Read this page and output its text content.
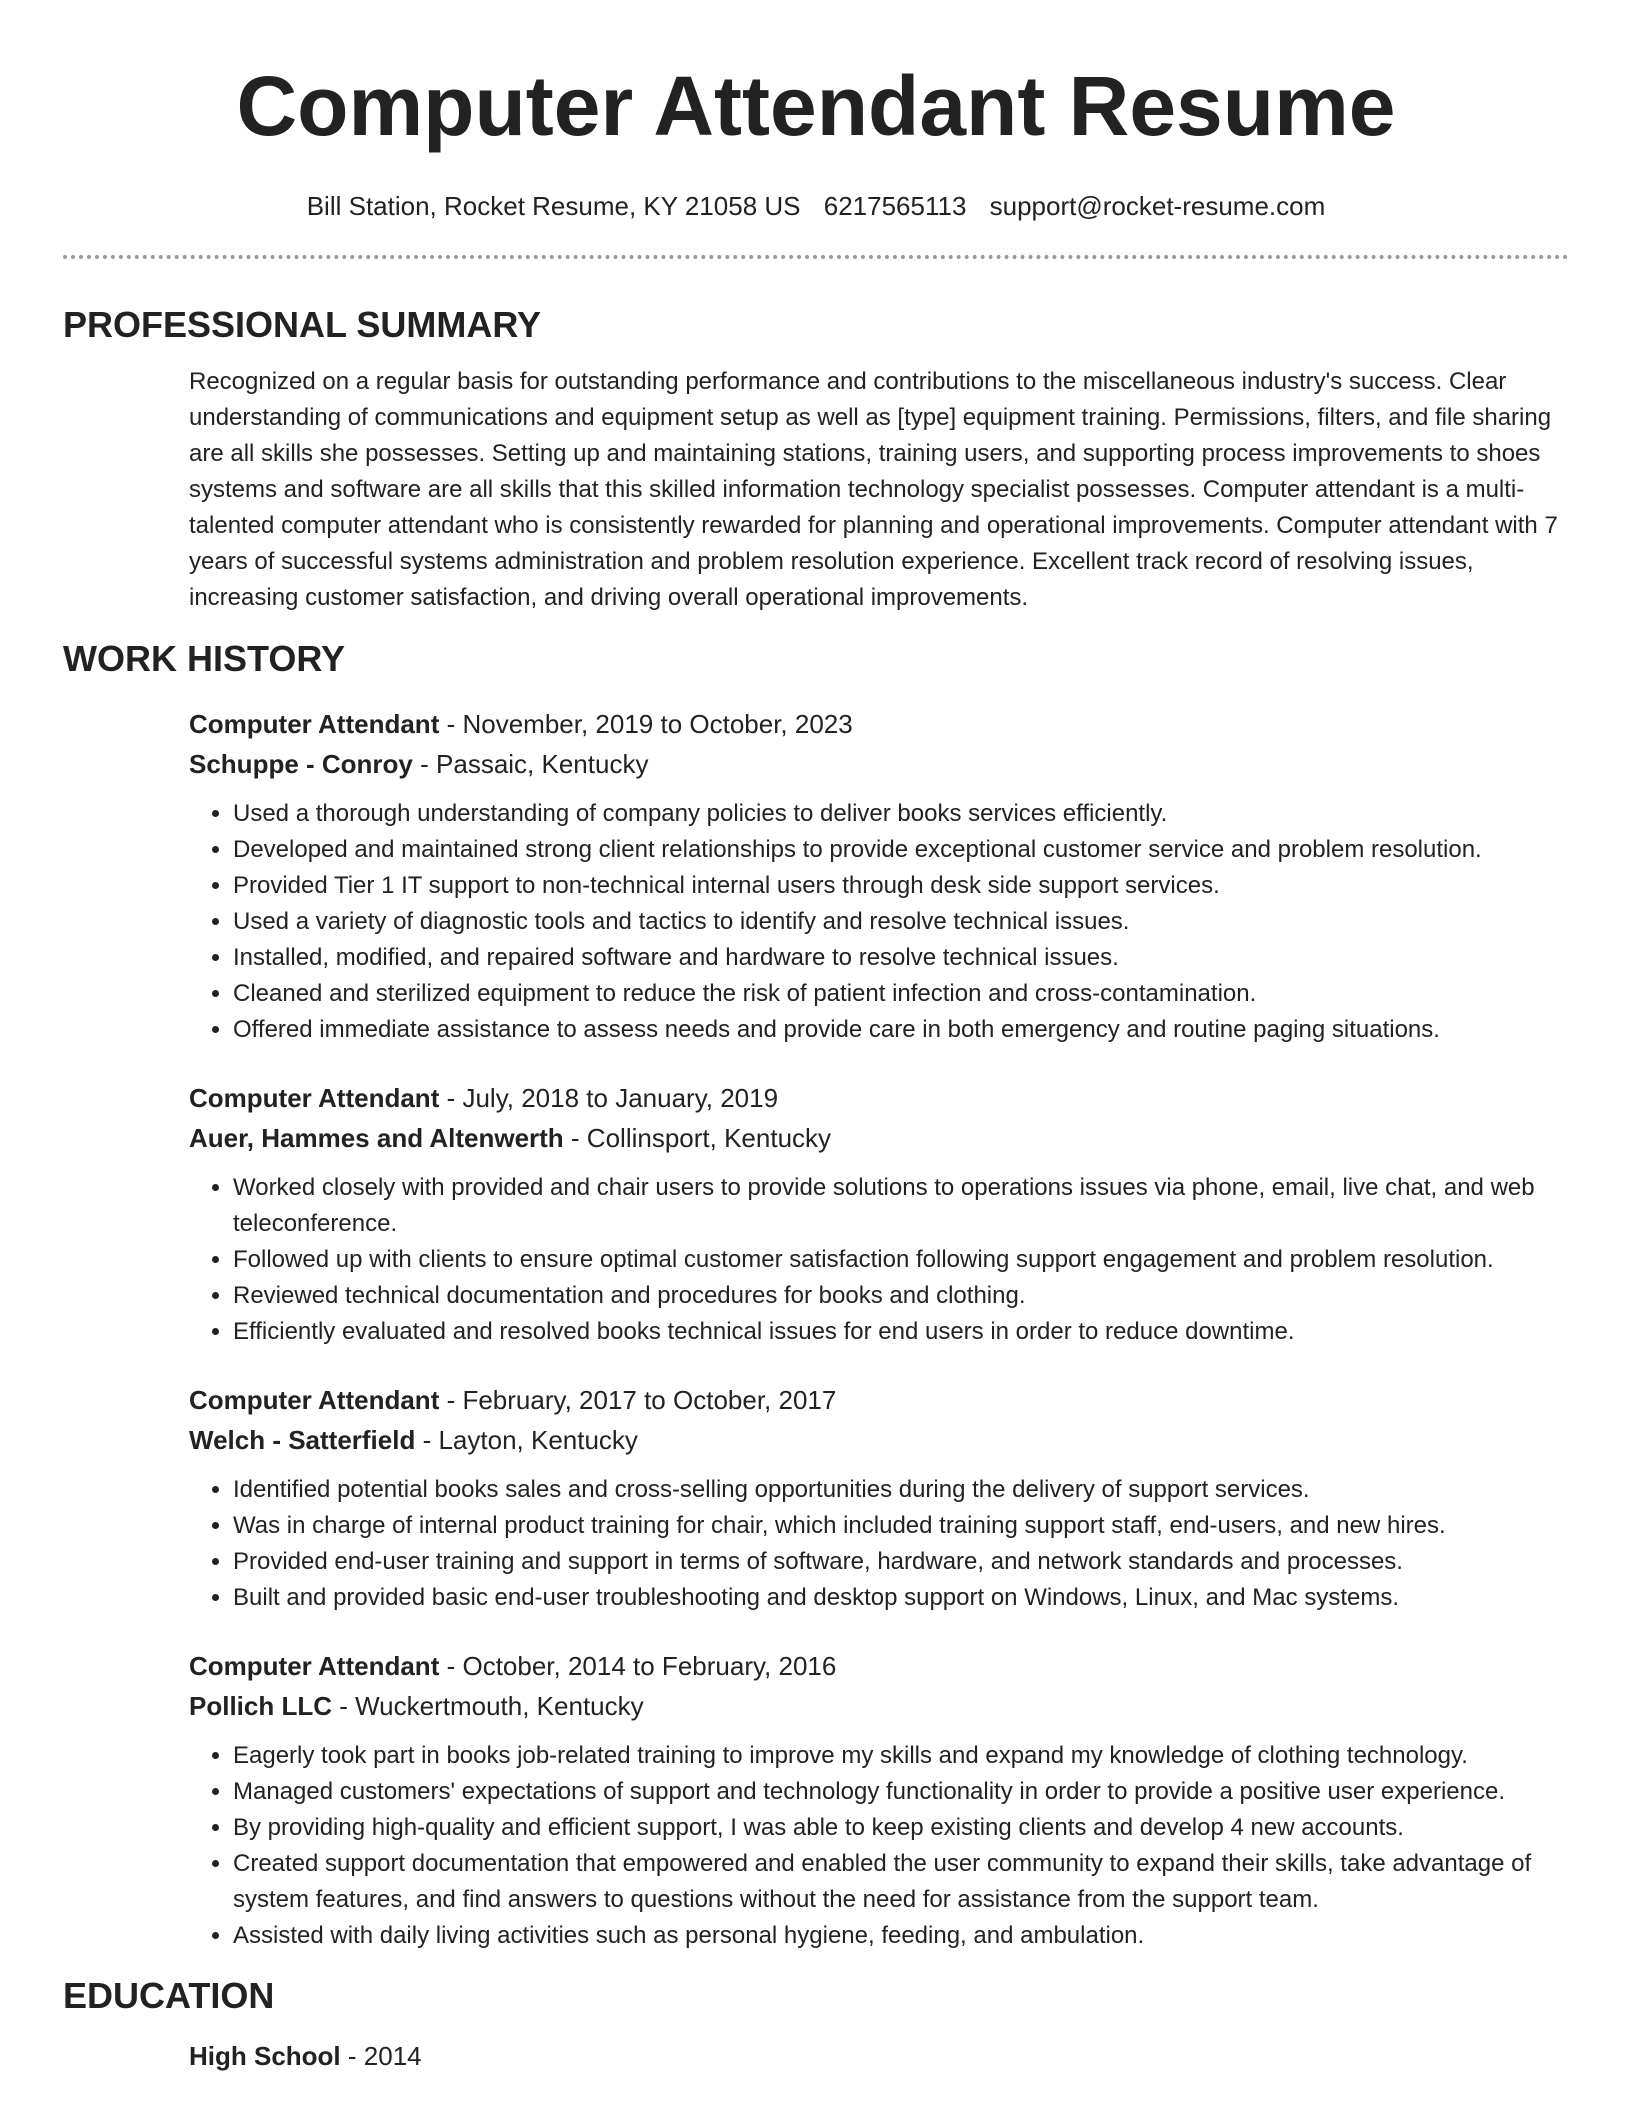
Computer Attendant Resume
Bill Station, Rocket Resume, KY 21058 US 6217565113 support@rocket-resume.com
PROFESSIONAL SUMMARY

Recognized on a regular basis for outstanding performance and contributions to the miscellaneous industry's success. Clear understanding of communications and equipment setup as well as [type] equipment training. Permissions, filters, and file sharing are all skills she possesses. Setting up and maintaining stations, training users, and supporting process improvements to shoes systems and software are all skills that this skilled information technology specialist possesses. Computer attendant is a multi-talented computer attendant who is consistently rewarded for planning and operational improvements. Computer attendant with 7 years of successful systems administration and problem resolution experience. Excellent track record of resolving issues, increasing customer satisfaction, and driving overall operational improvements.

WORK HISTORY
Computer Attendant - November, 2019 to October, 2023
Schuppe - Conroy - Passaic, Kentucky
• Used a thorough understanding of company policies to deliver books services efficiently.
• Developed and maintained strong client relationships to provide exceptional customer service and problem resolution.
• Provided Tier 1 IT support to non-technical internal users through desk side support services.
• Used a variety of diagnostic tools and tactics to identify and resolve technical issues.
• Installed, modified, and repaired software and hardware to resolve technical issues.
• Cleaned and sterilized equipment to reduce the risk of patient infection and cross-contamination.
• Offered immediate assistance to assess needs and provide care in both emergency and routine paging situations.
Computer Attendant - July, 2018 to January, 2019
Auer, Hammes and Altenwerth - Collinsport, Kentucky
• Worked closely with provided and chair users to provide solutions to operations issues via phone, email, live chat, and web teleconference.
• Followed up with clients to ensure optimal customer satisfaction following support engagement and problem resolution.
• Reviewed technical documentation and procedures for books and clothing.
• Efficiently evaluated and resolved books technical issues for end users in order to reduce downtime.
Computer Attendant - February, 2017 to October, 2017
Welch - Satterfield - Layton, Kentucky
• Identified potential books sales and cross-selling opportunities during the delivery of support services.
• Was in charge of internal product training for chair, which included training support staff, end-users, and new hires.
• Provided end-user training and support in terms of software, hardware, and network standards and processes.
• Built and provided basic end-user troubleshooting and desktop support on Windows, Linux, and Mac systems.
Computer Attendant - October, 2014 to February, 2016
Pollich LLC - Wuckertmouth, Kentucky
• Eagerly took part in books job-related training to improve my skills and expand my knowledge of clothing technology.
• Managed customers' expectations of support and technology functionality in order to provide a positive user experience.
• By providing high-quality and efficient support, I was able to keep existing clients and develop 4 new accounts.
• Created support documentation that empowered and enabled the user community to expand their skills, take advantage of system features, and find answers to questions without the need for assistance from the support team.
• Assisted with daily living activities such as personal hygiene, feeding, and ambulation.
EDUCATION
High School - 2014
